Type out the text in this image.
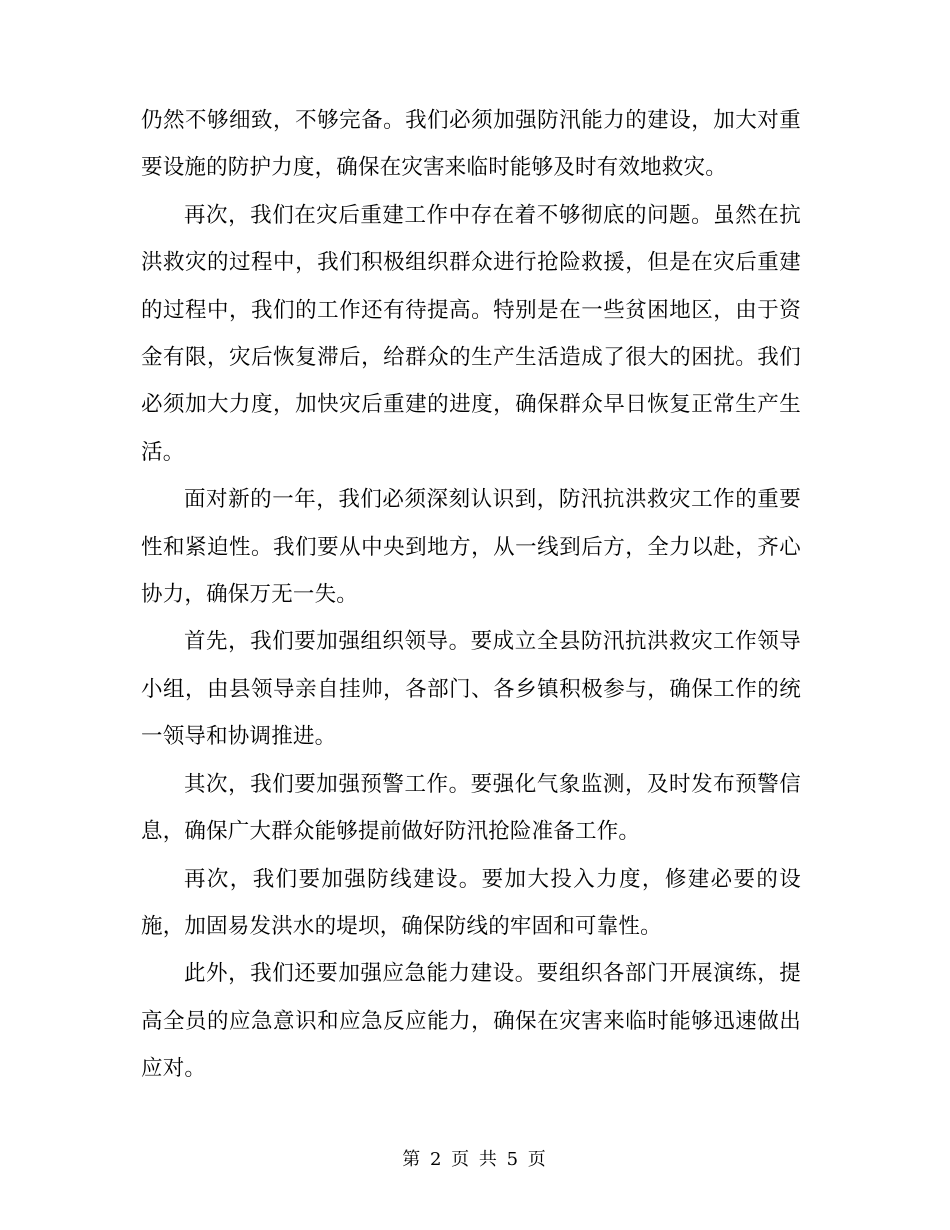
仍然不够细致，不够完备。我们必须加强防汛能力的建设，加大对重要设施的防护力度，确保在灾害来临时能够及时有效地救灾。

再次，我们在灾后重建工作中存在着不够彻底的问题。虽然在抗洪救灾的过程中，我们积极组织群众进行抢险救援，但是在灾后重建的过程中，我们的工作还有待提高。特别是在一些贫困地区，由于资金有限，灾后恢复滞后，给群众的生产生活造成了很大的困扰。我们必须加大力度，加快灾后重建的进度，确保群众早日恢复正常生产生活。

面对新的一年，我们必须深刻认识到，防汛抗洪救灾工作的重要性和紧迫性。我们要从中央到地方，从一线到后方，全力以赴，齐心协力，确保万无一失。

首先，我们要加强组织领导。要成立全县防汛抗洪救灾工作领导小组，由县领导亲自挂帅，各部门、各乡镇积极参与，确保工作的统一领导和协调推进。

其次，我们要加强预警工作。要强化气象监测，及时发布预警信息，确保广大群众能够提前做好防汛抢险准备工作。

再次，我们要加强防线建设。要加大投入力度，修建必要的设施，加固易发洪水的堤坝，确保防线的牢固和可靠性。

此外，我们还要加强应急能力建设。要组织各部门开展演练，提高全员的应急意识和应急反应能力，确保在灾害来临时能够迅速做出应对。

第 2 页 共 5 页
